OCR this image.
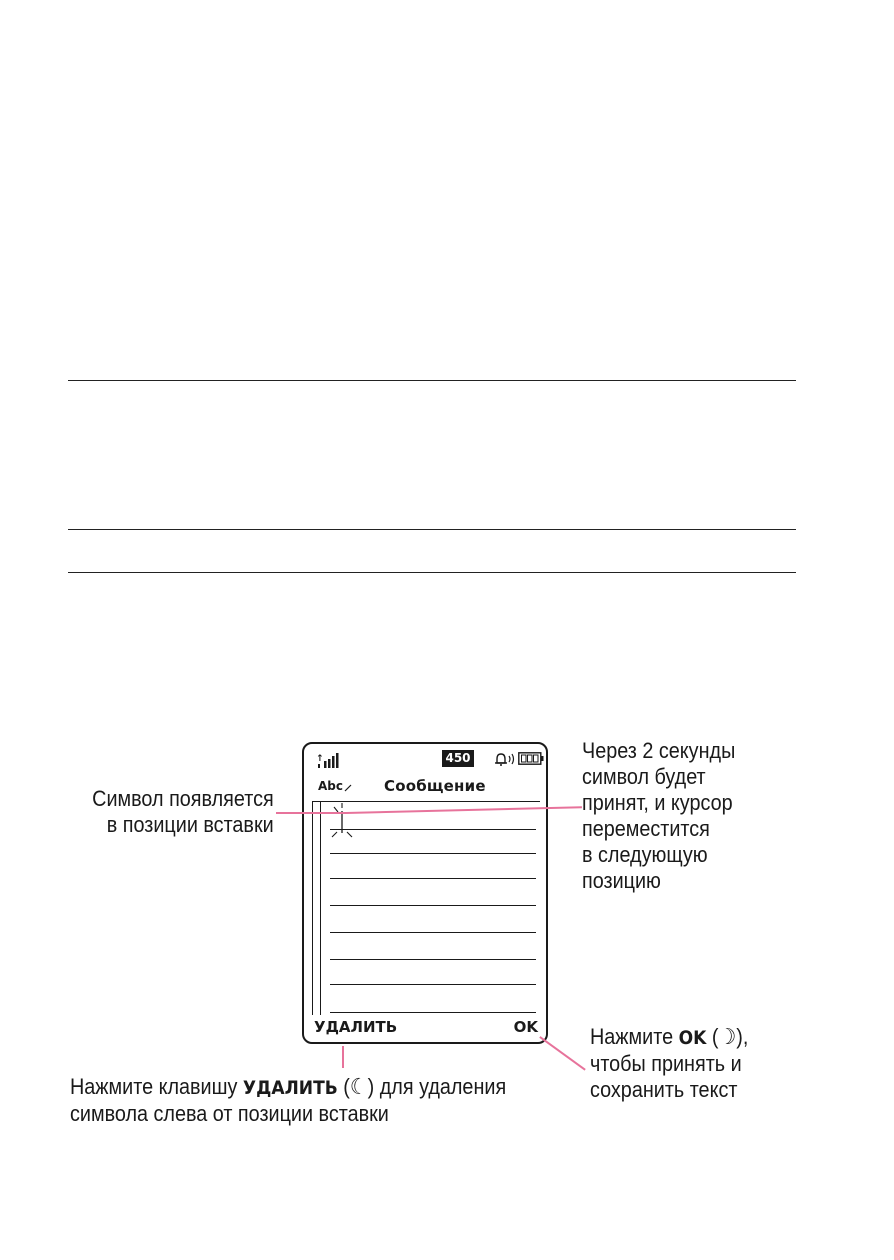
↑	450
Abc	Сообщение
УДАЛИТЬ	OK
Символ появляется
в позиции вставки
Через 2 секунды
символ будет
принят, и курсор
переместится
в следующую
позицию
Нажмите OK (☽),
чтобы принять и
сохранить текст
Нажмите клавишу УДАЛИТЬ (☾) для удаления
символа слева от позиции вставки
